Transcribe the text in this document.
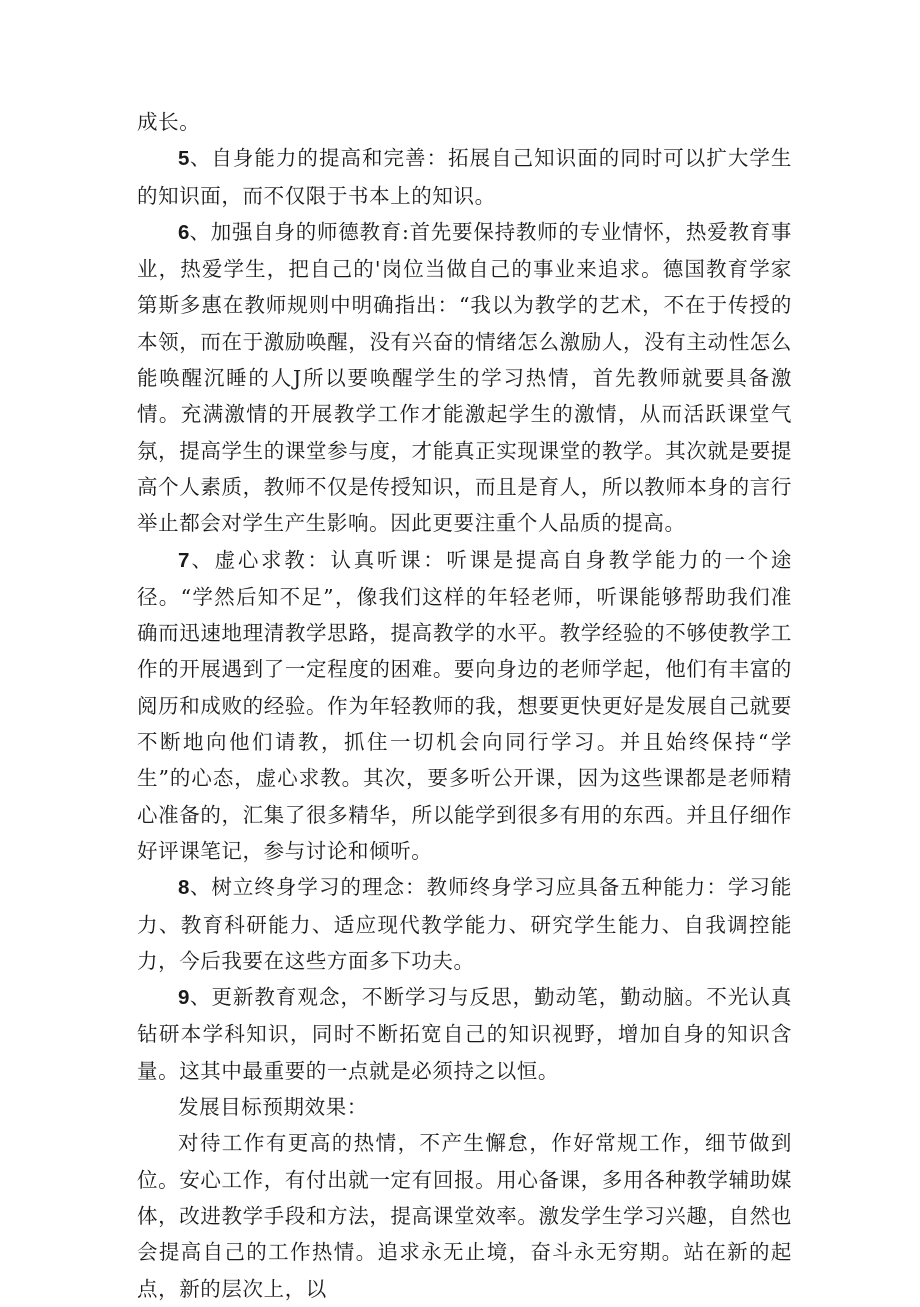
成长。

5、自身能力的提高和完善：拓展自己知识面的同时可以扩大学生的知识面，而不仅限于书本上的知识。

6、加强自身的师德教育:首先要保持教师的专业情怀，热爱教育事业，热爱学生，把自己的'岗位当做自己的事业来追求。德国教育学家第斯多惠在教师规则中明确指出：“我以为教学的艺术，不在于传授的本领，而在于激励唤醒，没有兴奋的情绪怎么激励人，没有主动性怎么能唤醒沉睡的人J所以要唤醒学生的学习热情，首先教师就要具备激情。充满激情的开展教学工作才能激起学生的激情，从而活跃课堂气氛，提高学生的课堂参与度，才能真正实现课堂的教学。其次就是要提高个人素质，教师不仅是传授知识，而且是育人，所以教师本身的言行举止都会对学生产生影响。因此更要注重个人品质的提高。

7、虚心求教：认真听课：听课是提高自身教学能力的一个途径。“学然后知不足”，像我们这样的年轻老师，听课能够帮助我们准确而迅速地理清教学思路，提高教学的水平。教学经验的不够使教学工作的开展遇到了一定程度的困难。要向身边的老师学起，他们有丰富的阅历和成败的经验。作为年轻教师的我，想要更快更好是发展自己就要不断地向他们请教，抓住一切机会向同行学习。并且始终保持“学生”的心态，虚心求教。其次，要多听公开课，因为这些课都是老师精心准备的，汇集了很多精华，所以能学到很多有用的东西。并且仔细作好评课笔记，参与讨论和倾听。

8、树立终身学习的理念：教师终身学习应具备五种能力：学习能力、教育科研能力、适应现代教学能力、研究学生能力、自我调控能力，今后我要在这些方面多下功夫。

9、更新教育观念，不断学习与反思，勤动笔，勤动脑。不光认真钻研本学科知识，同时不断拓宽自己的知识视野，增加自身的知识含量。这其中最重要的一点就是必须持之以恒。

发展目标预期效果：

对待工作有更高的热情，不产生懈怠，作好常规工作，细节做到位。安心工作，有付出就一定有回报。用心备课，多用各种教学辅助媒体，改进教学手段和方法，提高课堂效率。激发学生学习兴趣，自然也会提高自己的工作热情。追求永无止境，奋斗永无穷期。站在新的起点，新的层次上，以
